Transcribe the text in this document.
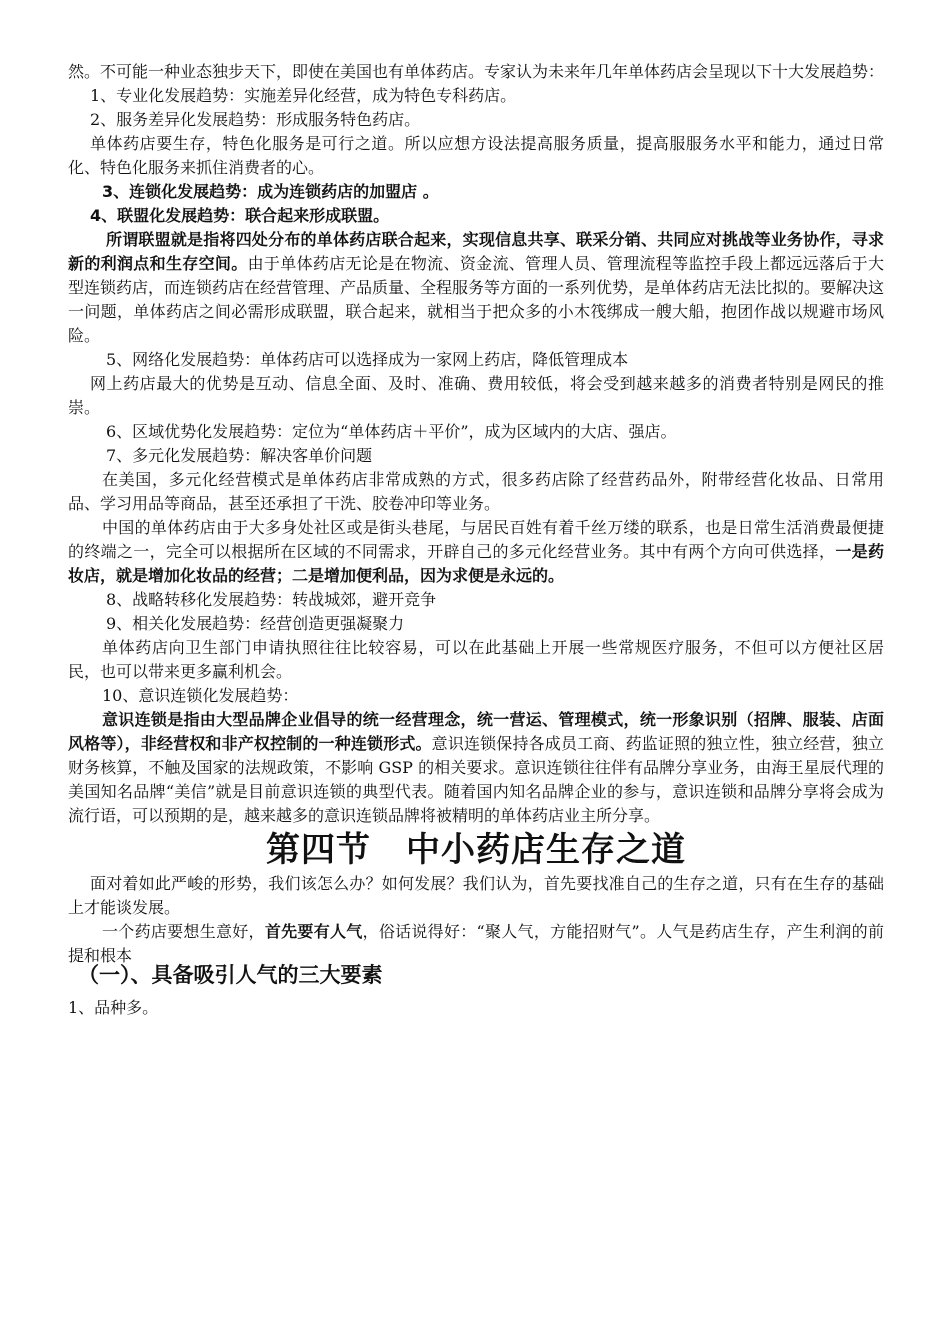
然。不可能一种业态独步天下，即使在美国也有单体药店。专家认为未来年几年单体药店会呈现以下十大发展趋势：

1、专业化发展趋势：实施差异化经营，成为特色专科药店。

2、服务差异化发展趋势：形成服务特色药店。

单体药店要生存，特色化服务是可行之道。所以应想方设法提高服务质量，提高服服务水平和能力，通过日常化、特色化服务来抓住消费者的心。

3、连锁化发展趋势：成为连锁药店的加盟店 。

4、联盟化发展趋势：联合起来形成联盟。

所谓联盟就是指将四处分布的单体药店联合起来，实现信息共享、联采分销、共同应对挑战等业务协作，寻求新的利润点和生存空间。由于单体药店无论是在物流、资金流、管理人员、管理流程等监控手段上都远远落后于大型连锁药店，而连锁药店在经营管理、产品质量、全程服务等方面的一系列优势，是单体药店无法比拟的。要解决这一问题，单体药店之间必需形成联盟，联合起来，就相当于把众多的小木筏绑成一艘大船，抱团作战以规避市场风险。

5、网络化发展趋势：单体药店可以选择成为一家网上药店，降低管理成本

网上药店最大的优势是互动、信息全面、及时、准确、费用较低，将会受到越来越多的消费者特别是网民的推崇。

6、区域优势化发展趋势：定位为“单体药店＋平价”，成为区域内的大店、强店。

7、多元化发展趋势：解决客单价问题

在美国，多元化经营模式是单体药店非常成熟的方式，很多药店除了经营药品外，附带经营化妆品、日常用品、学习用品等商品，甚至还承担了干洗、胶卷冲印等业务。

中国的单体药店由于大多身处社区或是街头巷尾，与居民百姓有着千丝万缕的联系，也是日常生活消费最便捷的终端之一，完全可以根据所在区域的不同需求，开辟自己的多元化经营业务。其中有两个方向可供选择，一是药妆店，就是增加化妆品的经营；二是增加便利品，因为求便是永远的。

8、战略转移化发展趋势：转战城郊，避开竞争

9、相关化发展趋势：经营创造更强凝聚力

单体药店向卫生部门申请执照往往比较容易，可以在此基础上开展一些常规医疗服务，不但可以方便社区居民，也可以带来更多赢利机会。

10、意识连锁化发展趋势：

意识连锁是指由大型品牌企业倡导的统一经营理念，统一营运、管理模式，统一形象识别（招牌、服装、店面风格等），非经营权和非产权控制的一种连锁形式。意识连锁保持各成员工商、药监证照的独立性，独立经营，独立财务核算，不触及国家的法规政策，不影响 GSP 的相关要求。意识连锁往往伴有品牌分享业务，由海王星辰代理的美国知名品牌“美信”就是目前意识连锁的典型代表。随着国内知名品牌企业的参与，意识连锁和品牌分享将会成为流行语，可以预期的是，越来越多的意识连锁品牌将被精明的单体药店业主所分享。

第四节　中小药店生存之道

面对着如此严峻的形势，我们该怎么办？如何发展？我们认为，首先要找准自己的生存之道，只有在生存的基础上才能谈发展。

一个药店要想生意好，首先要有人气，俗话说得好：“聚人气，方能招财气”。人气是药店生存，产生利润的前提和根本

（一）、具备吸引人气的三大要素

1、品种多。
